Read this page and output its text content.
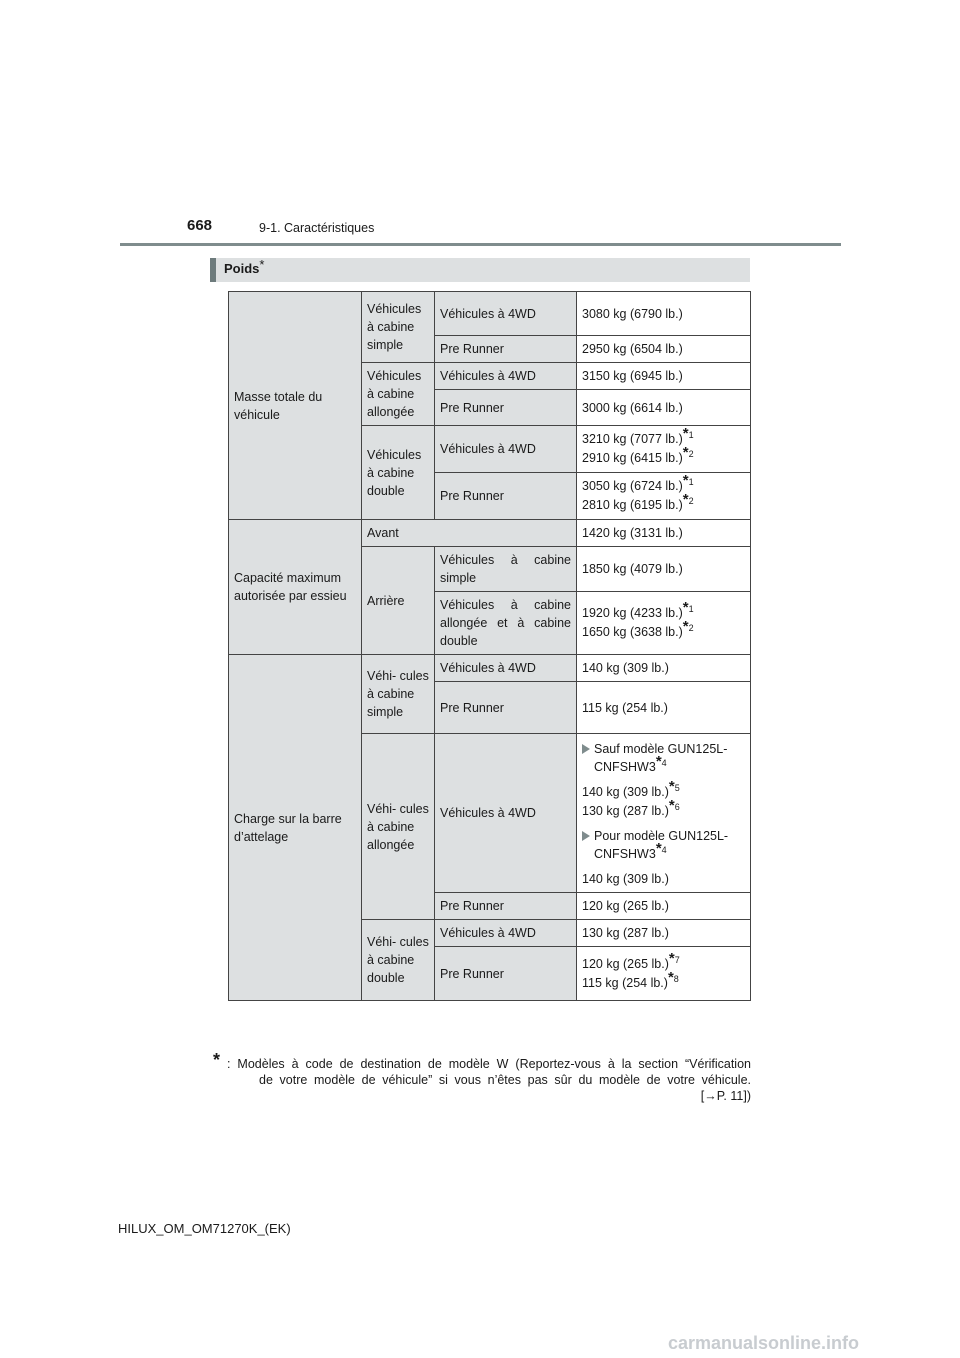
668	9-1. Caractéristiques
Poids*
Masse totale du véhicule	Véhicules à cabine simple	Véhicules à 4WD	3080 kg (6790 lb.)
		Pre Runner	2950 kg (6504 lb.)
	Véhicules à cabine allongée	Véhicules à 4WD	3150 kg (6945 lb.)
		Pre Runner	3000 kg (6614 lb.)
	Véhicules à cabine double	Véhicules à 4WD	3210 kg (7077 lb.)*$^1$
2910 kg (6415 lb.)*$^2$

		Pre Runner	3050 kg (6724 lb.)*$^1$
2810 kg (6195 lb.)*$^2$

Capacité maximum autorisée par essieu	Avant		1420 kg (3131 lb.)
	Arrière	Véhicules à cabine simple	1850 kg (4079 lb.)
		Véhicules à cabine allongée et à cabine double	1920 kg (4233 lb.)*$^1$
1650 kg (3638 lb.)*$^2$

Charge sur la barre d’attelage	Véhi- cules à cabine simple	Véhicules à 4WD	140 kg (309 lb.)
		Pre Runner	115 kg (254 lb.)
	Véhi- cules à cabine allongée	Véhicules à 4WD	Sauf modèle GUN125L-CNFSHW3*$^4$
140 kg (309 lb.)*$^5$
130 kg (287 lb.)*$^6$
Pour modèle GUN125L-CNFSHW3*$^4$
140 kg (309 lb.)

		Pre Runner	120 kg (265 lb.)
	Véhi- cules à cabine double	Véhicules à 4WD	130 kg (287 lb.)
		Pre Runner	120 kg (265 lb.)*$^7$
115 kg (254 lb.)*$^8$
* : Modèles à code de destination de modèle W (Reportez-vous à la section “Vérification
de votre modèle de véhicule” si vous n’êtes pas sûr du modèle de votre véhicule.
[→P. 11])
HILUX_OM_OM71270K_(EK)
carmanualsonline.info
